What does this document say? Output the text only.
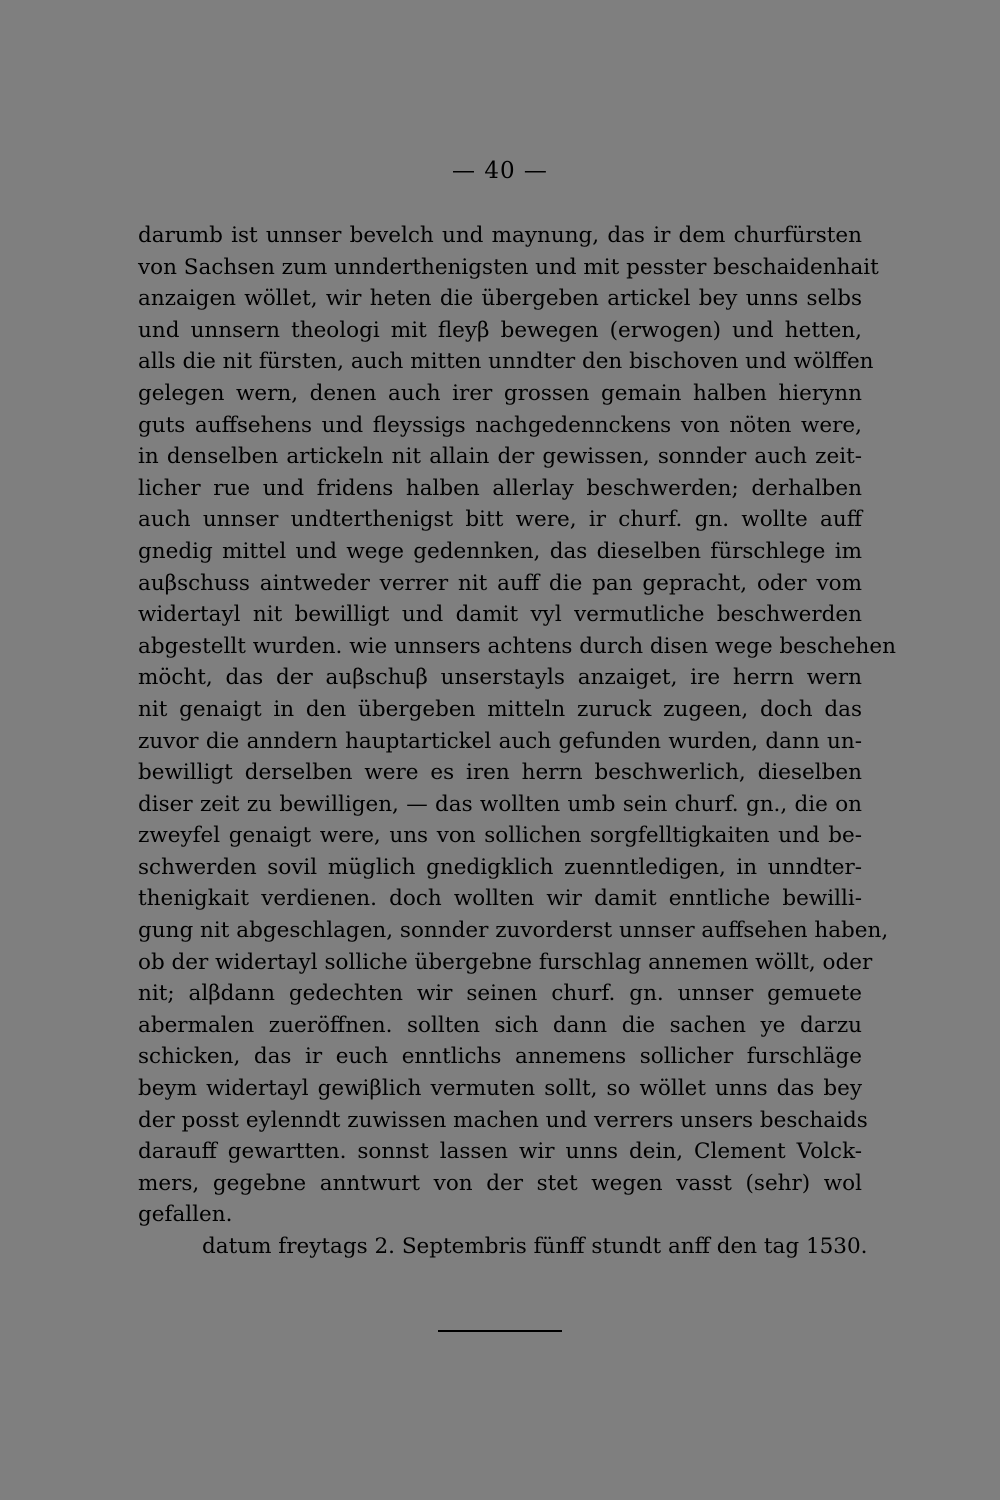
— 40 —
darumb ist unnser bevelch und maynung, das ir dem churfürsten
von Sachsen zum unnderthenigsten und mit pesster beschaidenhait
anzaigen wöllet, wir heten die übergeben artickel bey unns selbs
und unnsern theologi mit fleyβ bewegen (erwogen) und hetten,
alls die nit fürsten, auch mitten unndter den bischoven und wölffen
gelegen wern, denen auch irer grossen gemain halben hierynn
guts auffsehens und fleyssigs nachgedennckens von nöten were,
in denselben artickeln nit allain der gewissen, sonnder auch zeit-
licher rue und fridens halben allerlay beschwerden; derhalben
auch unnser undterthenigst bitt were, ir churf. gn. wollte auff
gnedig mittel und wege gedennken, das dieselben fürschlege im
auβschuss aintweder verrer nit auff die pan gepracht, oder vom
widertayl nit bewilligt und damit vyl vermutliche beschwerden
abgestellt wurden. wie unnsers achtens durch disen wege beschehen
möcht, das der auβschuβ unserstayls anzaiget, ire herrn wern
nit genaigt in den übergeben mitteln zuruck zugeen, doch das
zuvor die anndern hauptartickel auch gefunden wurden, dann un-
bewilligt derselben were es iren herrn beschwerlich, dieselben
diser zeit zu bewilligen, — das wollten umb sein churf. gn., die on
zweyfel genaigt were, uns von sollichen sorgfelltigkaiten und be-
schwerden sovil müglich gnedigklich zuenntledigen, in unndter-
thenigkait verdienen. doch wollten wir damit enntliche bewilli-
gung nit abgeschlagen, sonnder zuvorderst unnser auffsehen haben,
ob der widertayl solliche übergebne furschlag annemen wöllt, oder
nit; alβdann gedechten wir seinen churf. gn. unnser gemuete
abermalen zueröffnen. sollten sich dann die sachen ye darzu
schicken, das ir euch enntlichs annemens sollicher furschläge
beym widertayl gewiβlich vermuten sollt, so wöllet unns das bey
der posst eylenndt zuwissen machen und verrers unsers beschaids
darauff gewartten. sonnst lassen wir unns dein, Clement Volck-
mers, gegebne anntwurt von der stet wegen vasst (sehr) wol
gefallen.
datum freytags 2. Septembris fünff stundt anff den tag 1530.
